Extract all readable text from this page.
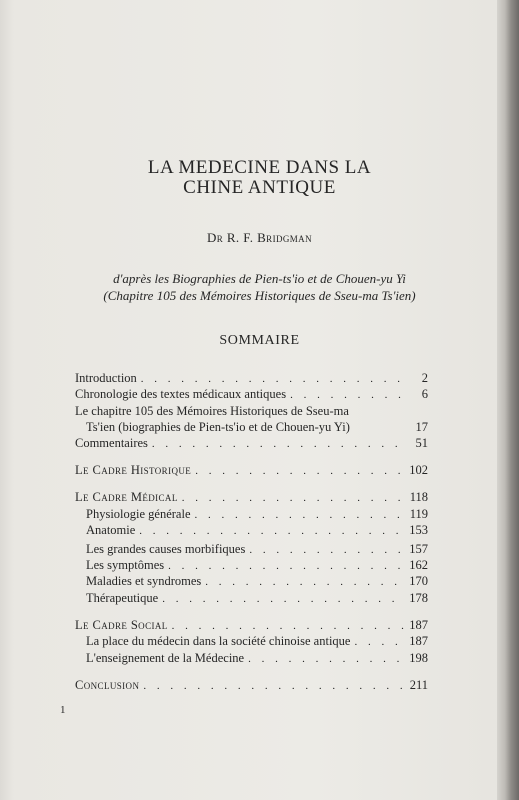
LA MEDECINE DANS LA
CHINE ANTIQUE
Dr R. F. Bridgman
d'après les Biographies de Pien-ts'io et de Chouen-yu Yi
(Chapitre 105 des Mémoires Historiques de Sseu-ma Ts'ien)
SOMMAIRE
Introduction . . .	2
Chronologie des textes médicaux antiques . . .	6
Le chapitre 105 des Mémoires Historiques de Sseu-ma
Ts'ien (biographies de Pien-ts'io et de Chouen-yu Yi)	17
Commentaires . . .	51
Le Cadre Historique . . .	102
Le Cadre Médical . . .	118
Physiologie générale . . .	119
Anatomie . . .	153
Les grandes causes morbifiques . . .	157
Les symptômes . . .	162
Maladies et syndromes . . .	170
Thérapeutique . . .	178
Le Cadre Social . . .	187
La place du médecin dans la société chinoise antique . . .	187
L'enseignement de la Médecine . . .	198
Conclusion . . .	211
1
